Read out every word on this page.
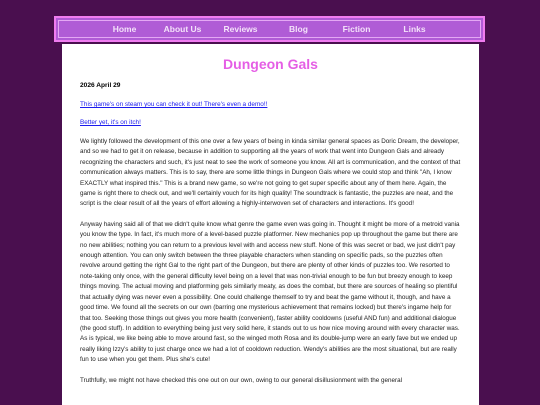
Home	About Us	Reviews	Blog	Fiction	Links
Dungeon Gals
2026 April 29
This game's on steam you can check it out! There's even a demo!!
Better yet, it's on itch!

We lightly followed the development of this one over a few years of being in kinda similar general spaces as Doric Dream, the developer, and so we had to get it on release, because in addition to supporting all the years of work that went into Dungeon Gals and already recognizing the characters and such, it's just neat to see the work of someone you know. All art is communication, and the context of that communication always matters. This is to say, there are some little things in Dungeon Gals where we could stop and think "Ah, I know EXACTLY what inspired this." This is a brand new game, so we're not going to get super specific about any of them here. Again, the game is right there to check out, and we'll certainly vouch for its high quality! The soundtrack is fantastic, the puzzles are neat, and the script is the clear result of all the years of effort allowing a highly-interwoven set of characters and interactions. It's good!

Anyway having said all of that we didn't quite know what genre the game even was going in. Thought it might be more of a metroid vania you know the type. In fact, it's much more of a level-based puzzle platformer. New mechanics pop up throughout the game but there are no new abilities; nothing you can return to a previous level with and access new stuff. None of this was secret or bad, we just didn't pay enough attention. You can only switch between the three playable characters when standing on specific pads, so the puzzles often revolve around getting the right Gal to the right part of the Dungeon, but there are plenty of other kinds of puzzles too. We resorted to note-taking only once, with the general difficulty level being on a level that was non-trivial enough to be fun but breezy enough to keep things moving. The actual moving and platforming gels similarly meaty, as does the combat, but there are sources of healing so plentiful that actually dying was never even a possibility. One could challenge themself to try and beat the game without it, though, and have a good time. We found all the secrets on our own (barring one mysterious achievement that remains locked) but there's ingame help for that too. Seeking those things out gives you more health (convenient), faster ability cooldowns (useful AND fun) and additional dialogue (the good stuff). In addition to everything being just very solid here, it stands out to us how nice moving around with every character was. As is typical, we like being able to move around fast, so the winged moth Rosa and its double-jump were an early fave but we ended up really liking Izzy's ability to just charge once we had a lot of cooldown reduction. Wendy's abilities are the most situational, but are really fun to use when you get them. Plus she's cute!

Truthfully, we might not have checked this one out on our own, owing to our general disillusionment with the general
